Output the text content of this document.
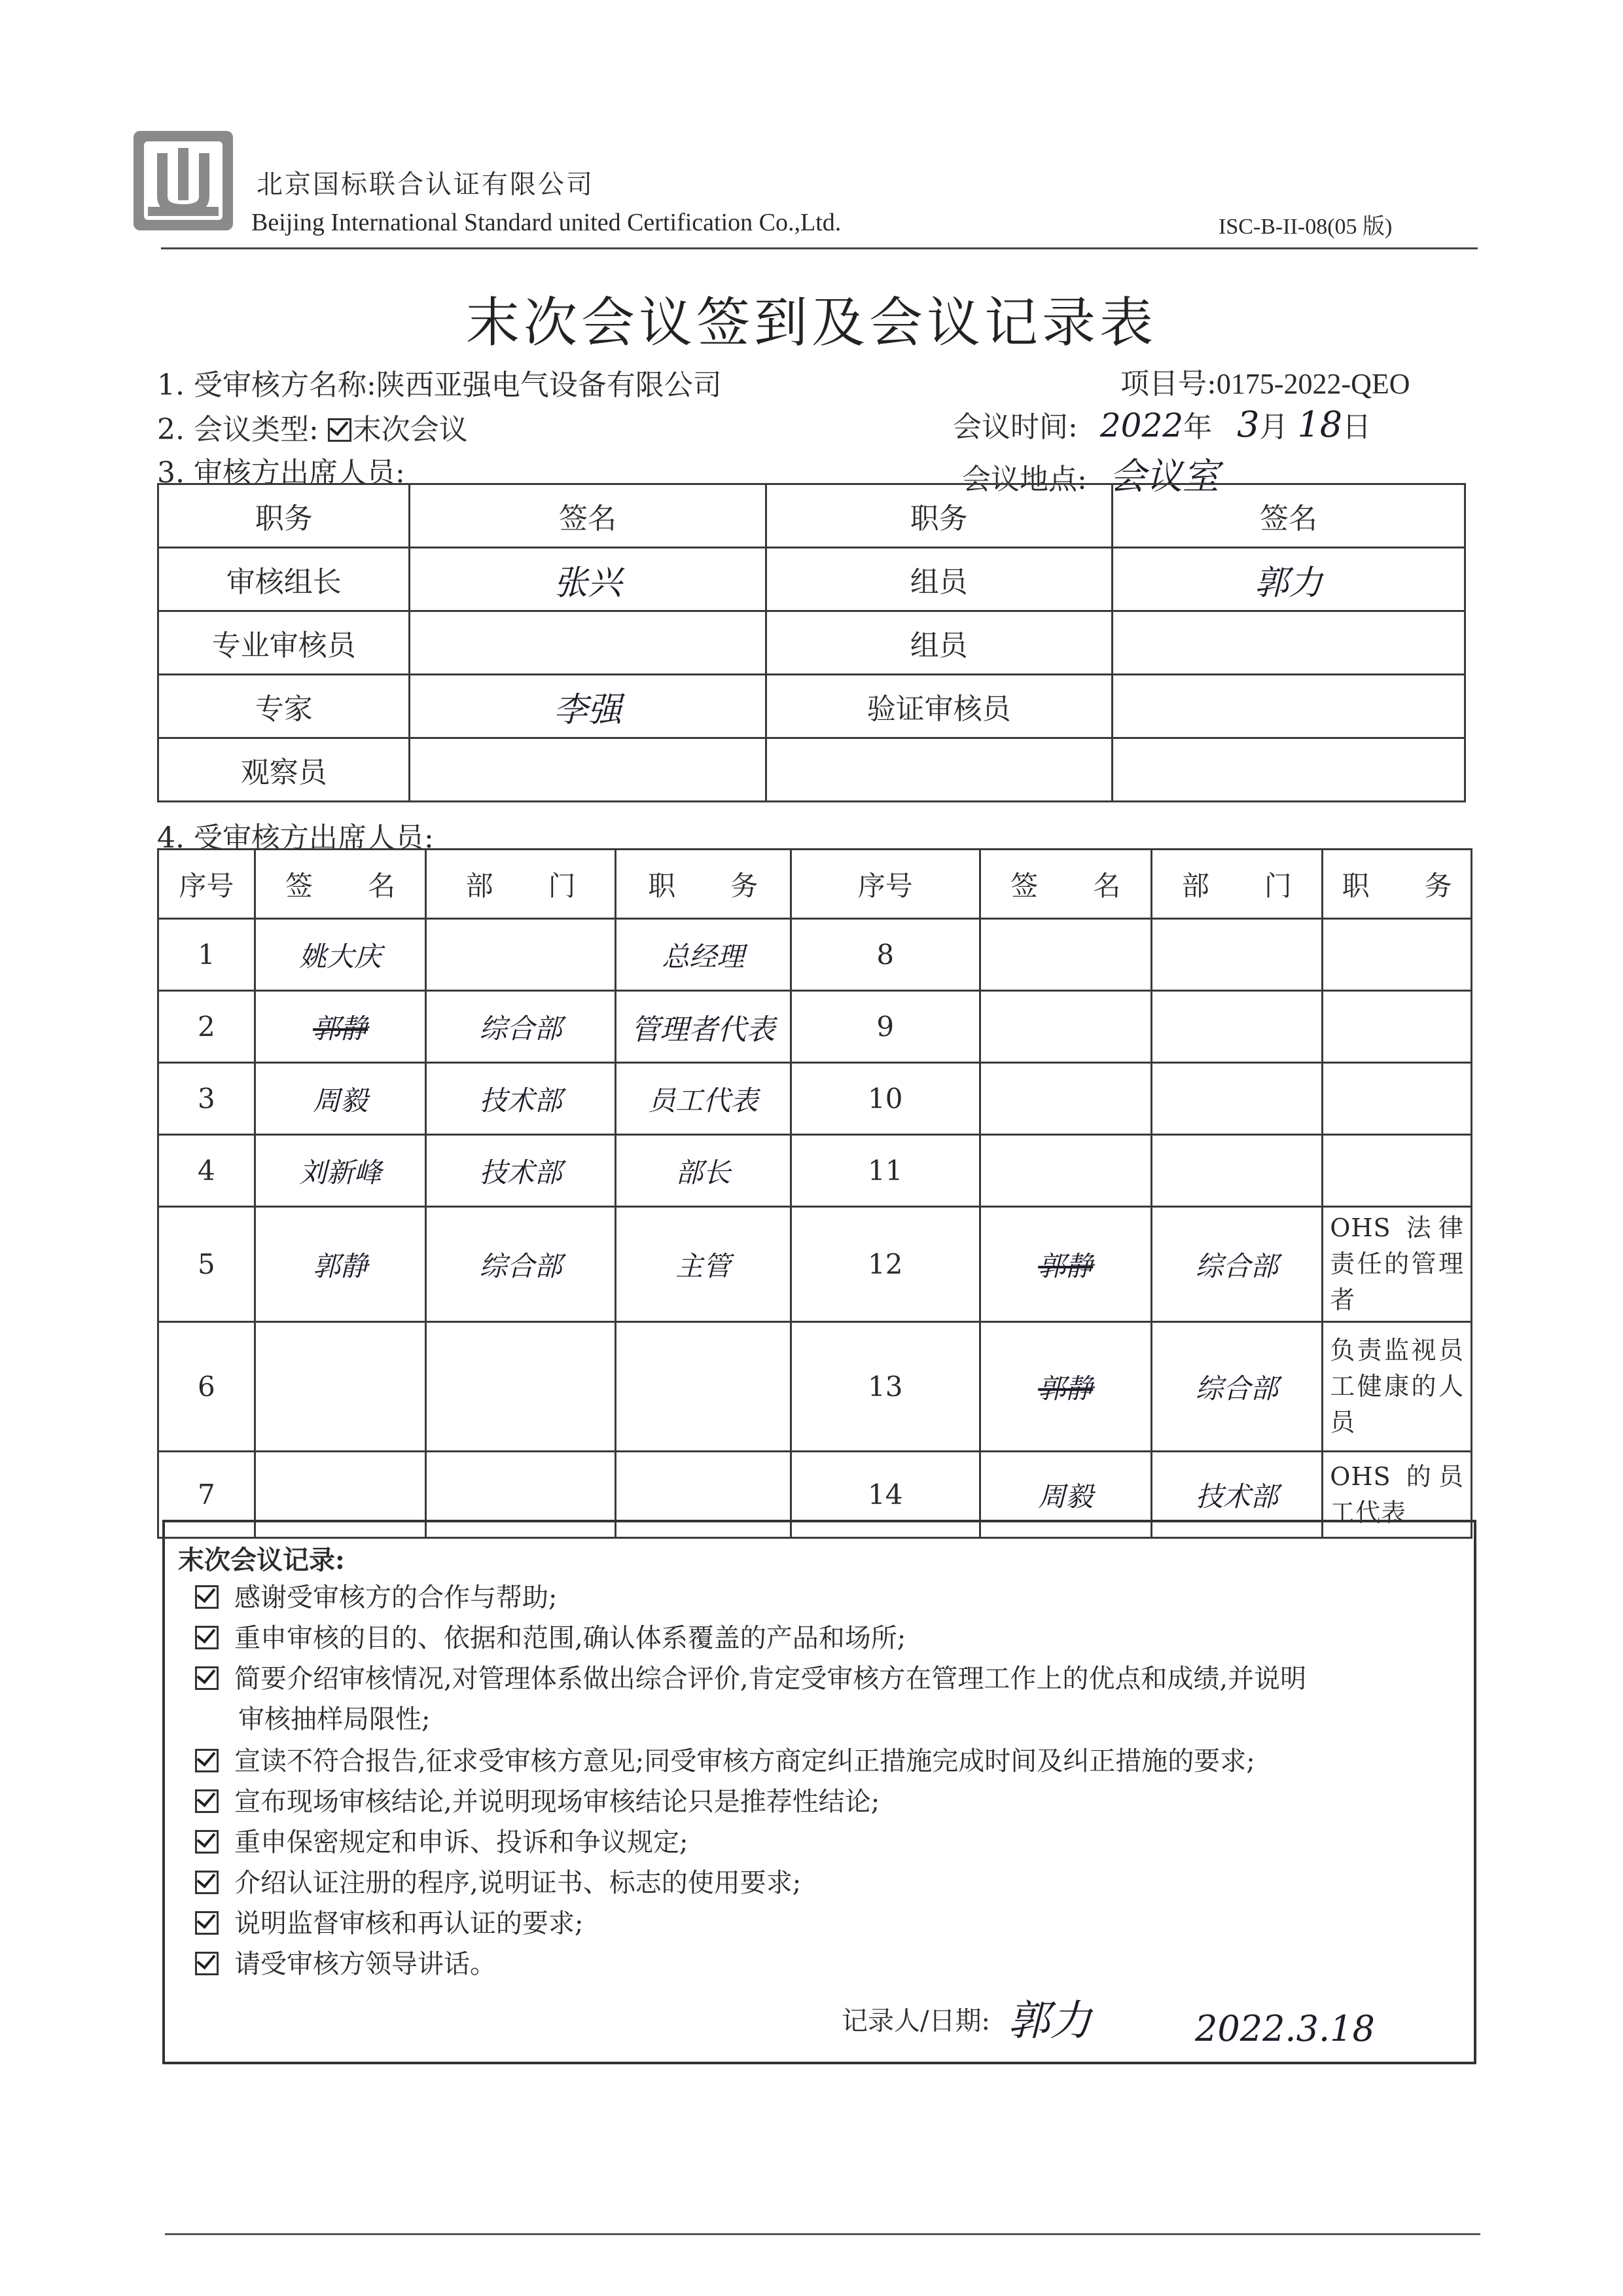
北京国标联合认证有限公司
Beijing International Standard united Certification Co.,Ltd.	ISC-B-II-08(05 版)
末次会议签到及会议记录表
1. 受审核方名称:陕西亚强电气设备有限公司	项目号:0175-2022-QEO
2. 会议类型: 末次会议	会议时间: 2022年 3月 18日
3. 审核方出席人员:	会议地点: 会议室
职务	签名	职务	签名
审核组长	张兴	组员	郭力
专业审核员		组员	
专家	李强	验证审核员	
观察员			
4. 受审核方出席人员:
序号	签　　名	部　　门	职　　务	序号	签　　名	部　　门	职　　务
1	姚大庆		总经理	8			
2	郭静	综合部	管理者代表	9			
3	周毅	技术部	员工代表	10			
4	刘新峰	技术部	部长	11			
5	郭静	综合部	主管	12	郭静	综合部	OHS 法律责任的管理者
6				13	郭静	综合部	负责监视员工健康的人员
7				14	周毅	技术部	OHS 的员工代表
末次会议记录:
感谢受审核方的合作与帮助;
重申审核的目的、依据和范围,确认体系覆盖的产品和场所;
简要介绍审核情况,对管理体系做出综合评价,肯定受审核方在管理工作上的优点和成绩,并说明
审核抽样局限性;
宣读不符合报告,征求受审核方意见;同受审核方商定纠正措施完成时间及纠正措施的要求;
宣布现场审核结论,并说明现场审核结论只是推荐性结论;
重申保密规定和申诉、投诉和争议规定;
介绍认证注册的程序,说明证书、标志的使用要求;
说明监督审核和再认证的要求;
请受审核方领导讲话。
记录人/日期: 郭力	2022.3.18
